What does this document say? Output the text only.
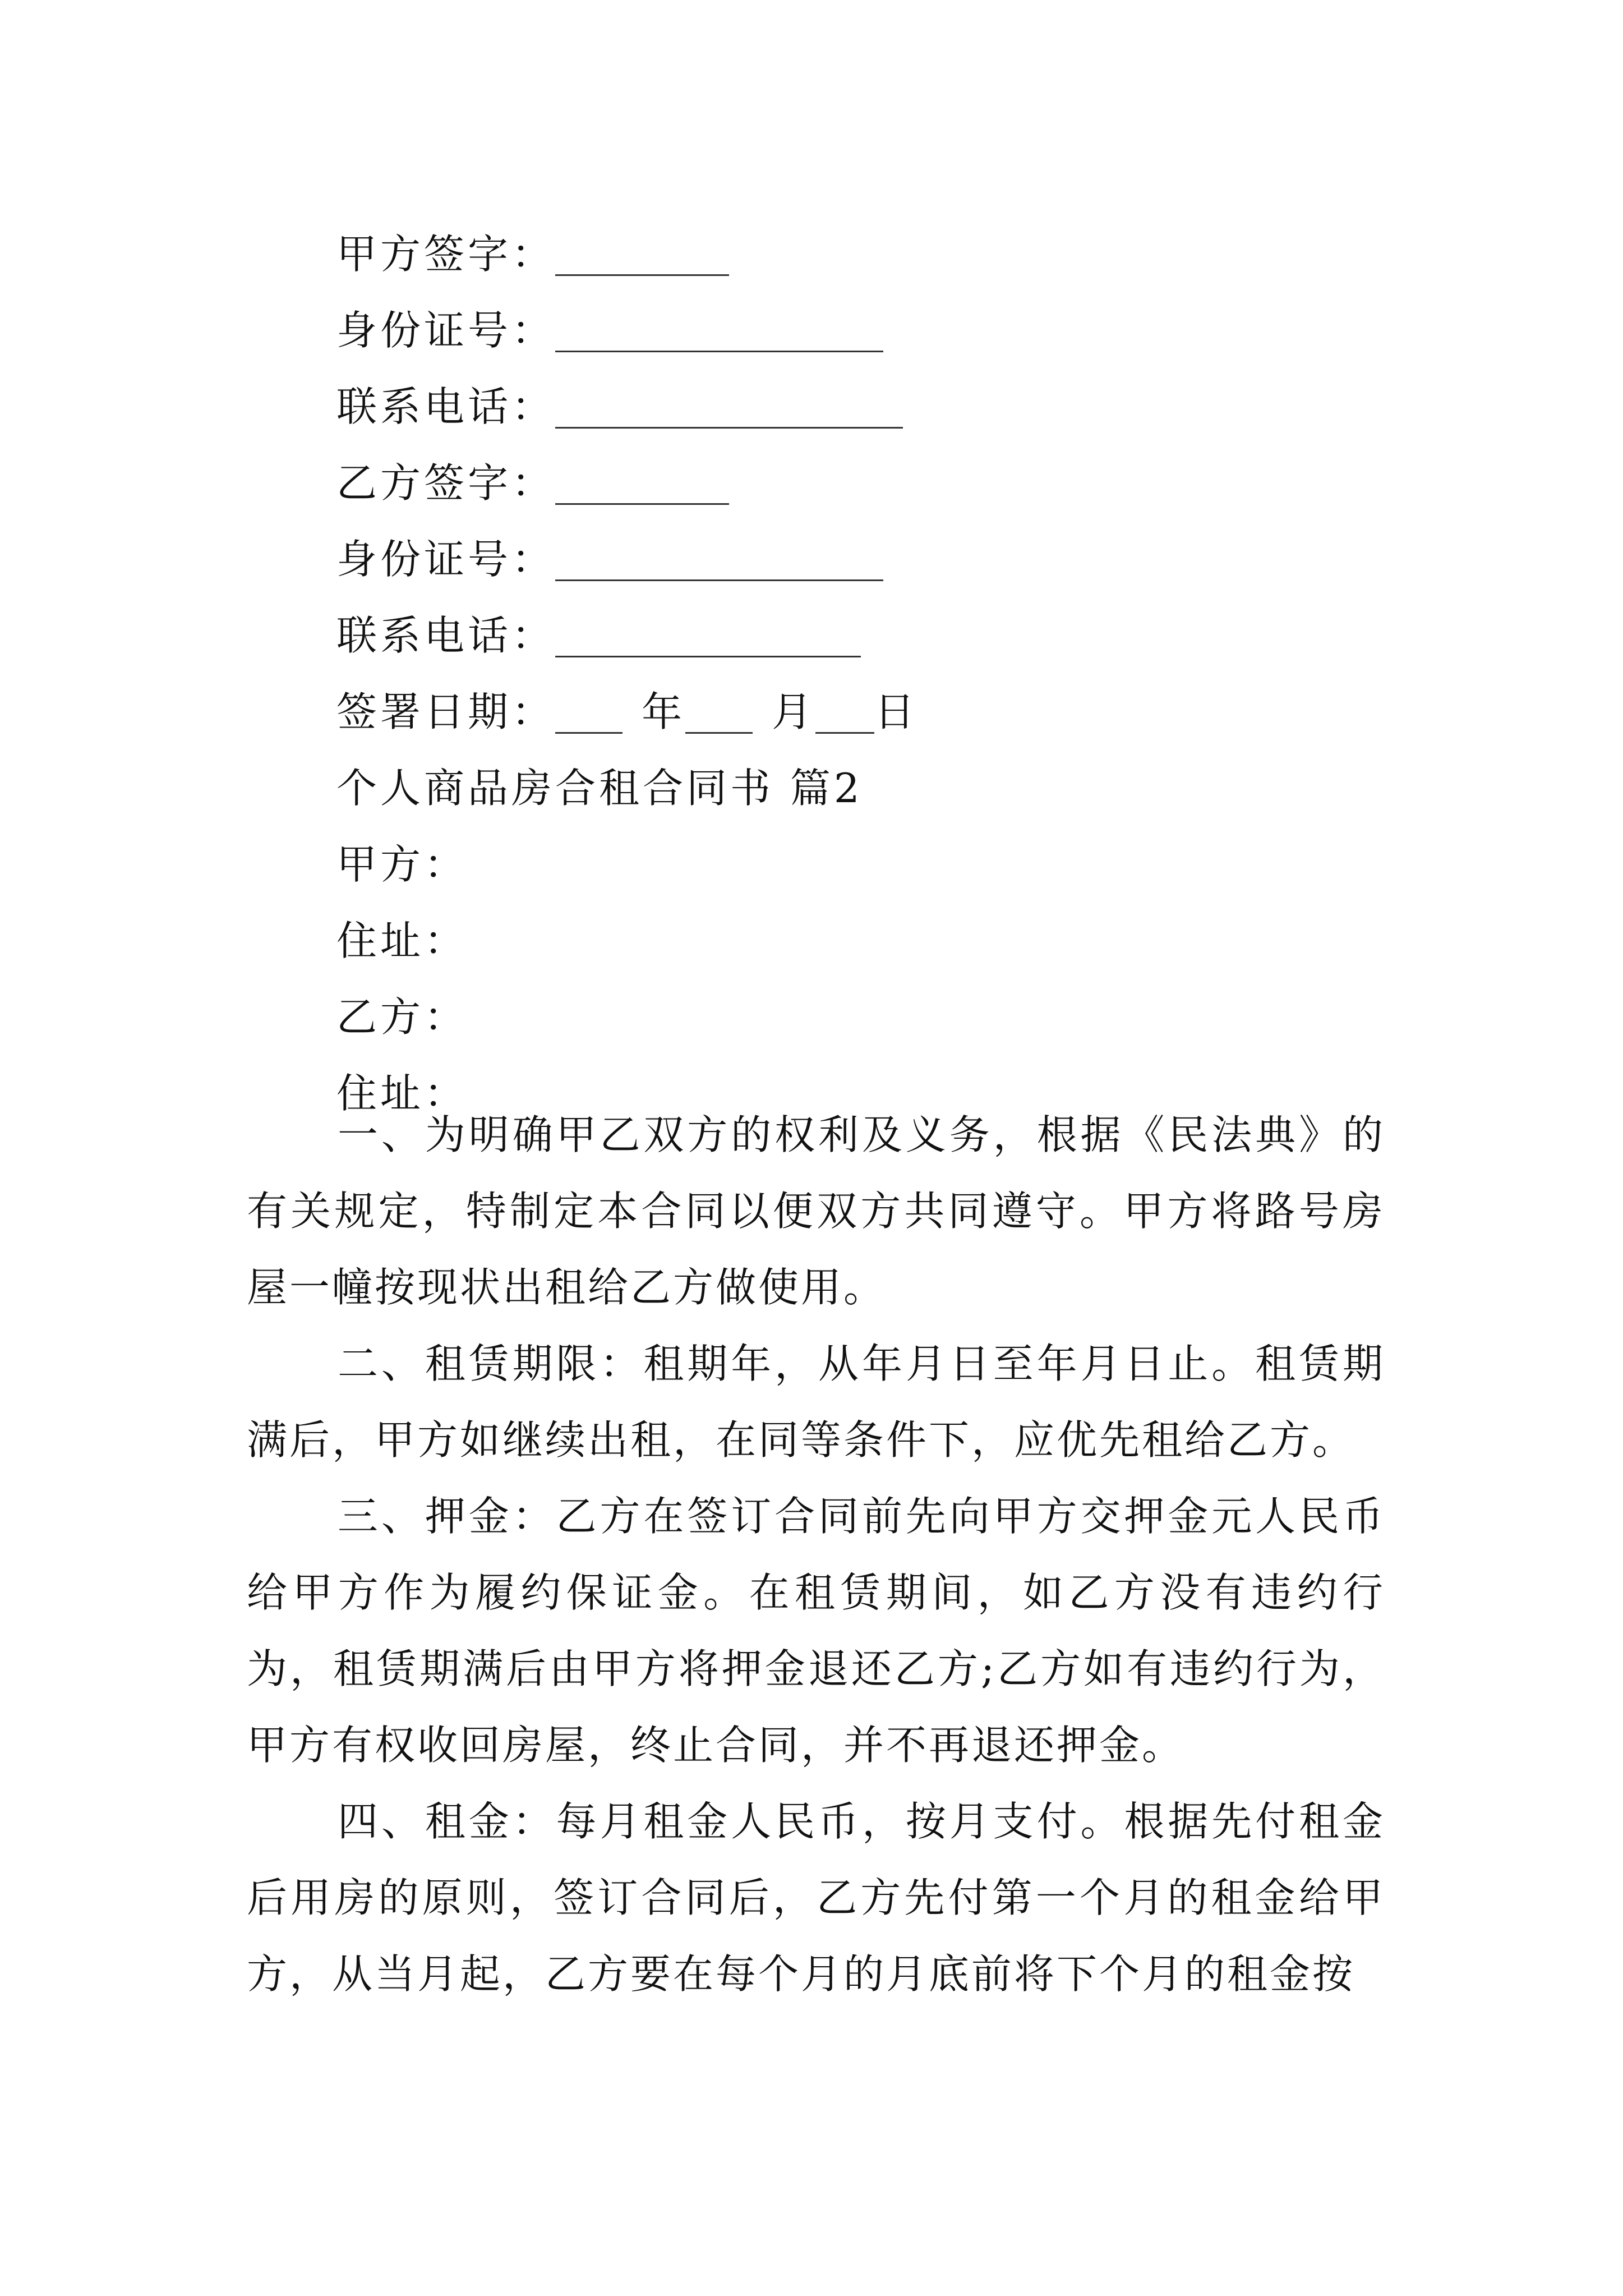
甲方签字：
身份证号：
联系电话：
乙方签字：
身份证号：
联系电话：
签署日期： 年 月 日
个人商品房合租合同书 篇2
甲方：
住址：
乙方：
住址：

一、为明确甲乙双方的权利及义务，根据《民法典》的有关规定，特制定本合同以便双方共同遵守。甲方将路号房屋一幢按现状出租给乙方做使用。

二、租赁期限：租期年，从年月日至年月日止。租赁期满后，甲方如继续出租，在同等条件下，应优先租给乙方。

三、押金：乙方在签订合同前先向甲方交押金元人民币给甲方作为履约保证金。在租赁期间，如乙方没有违约行为，租赁期满后由甲方将押金退还乙方;乙方如有违约行为，甲方有权收回房屋，终止合同，并不再退还押金。

四、租金：每月租金人民币，按月支付。根据先付租金后用房的原则，签订合同后，乙方先付第一个月的租金给甲方，从当月起，乙方要在每个月的月底前将下个月的租金按
